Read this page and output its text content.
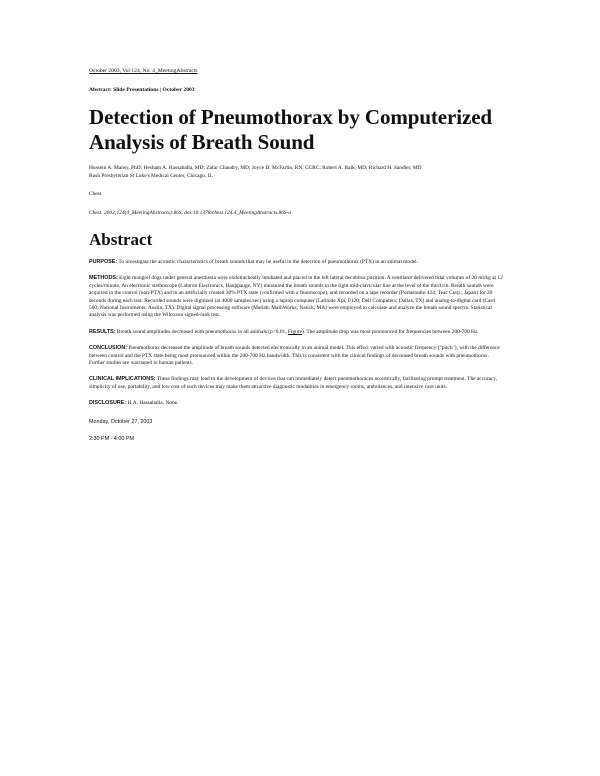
October 2003, Vol 124, No. 4_MeetingAbstracts
Abstract: Slide Presentations | October 2003
Detection of Pneumothorax by Computerized Analysis of Breath Sound
Hussein A. Mansy, PhD; Hesham A. Hassaballa, MD; Zafar Chaudry, MD; Joyce D. McFarlin, RN, CCRC; Robert A. Balk, MD; Richard H. Sandler, MD
Rush Presbyterian St Luke's Medical Center, Chicago, IL
Chest
Chest. 2003;124(4_MeetingAbstracts):86S. doi:10.1378/chest.124.4_MeetingAbstracts.86S-a
Abstract
PURPOSE: To investigate the acoustic characteristics of breath sounds that may be useful in the detection of pneumothorax (PTX) in an animal model.
METHODS: Eight mongrel dogs under general anesthesia were endotracheally intubated and placed in the left lateral decubitus position. A ventilator delivered tidal volumes of 20 ml/kg at 12 cycles/minute. An electronic stethoscope (Labtron Electronics, Hauppauge, NY) measured the breath sounds in the right mid-clavicular line at the level of the third rib. Breath sounds were acquired in the control (non-PTX) and in an artificially created 30% PTX state (confirmed with a fluoroscope), and recorded on a tape recorder (Portastudio 424; Teac Corp., Japan) for 20 seconds during each test. Recorded sounds were digitized (at 4000 samples/sec) using a laptop computer (Latitude Xpi, P120; Dell Computers; Dallas, TX) and analog-to-digital card (Card 500; National Instruments; Austin, TX). Digital signal processing software (Matlab; MathWorks; Natick, MA) were employed to calculate and analyze the breath sound spectra. Statistical analysis was performed using the Wilcoxon signed-rank test.
RESULTS: Breath sound amplitudes decreased with pneumothorax in all animals (p<0.01, Figure). The amplitude drop was most pronounced for frequencies between 200-700 Hz.
CONCLUSION: Pneumothorax decreased the amplitude of breath sounds detected electronically in an animal model. This effect varied with acoustic frequency ("pitch"), with the difference between control and the PTX state being most pronounced within the 200-700 Hz bandwidth. This is consistent with the clinical findings of decreased breath sounds with pneumothorax. Further studies are warranted in human patients.
CLINICAL IMPLICATIONS: These findings may lead to the development of devices that can immediately detect pneumothoraces acoustically, facilitating prompt treatment. The accuracy, simplicity of use, portability, and low cost of such devices may make them attractive diagnostic modalities in emergency rooms, ambulances, and intensive care units.
DISCLOSURE: H.A. Hassaballa, None.
Monday, October 27, 2003
2:30 PM - 4:00 PM
